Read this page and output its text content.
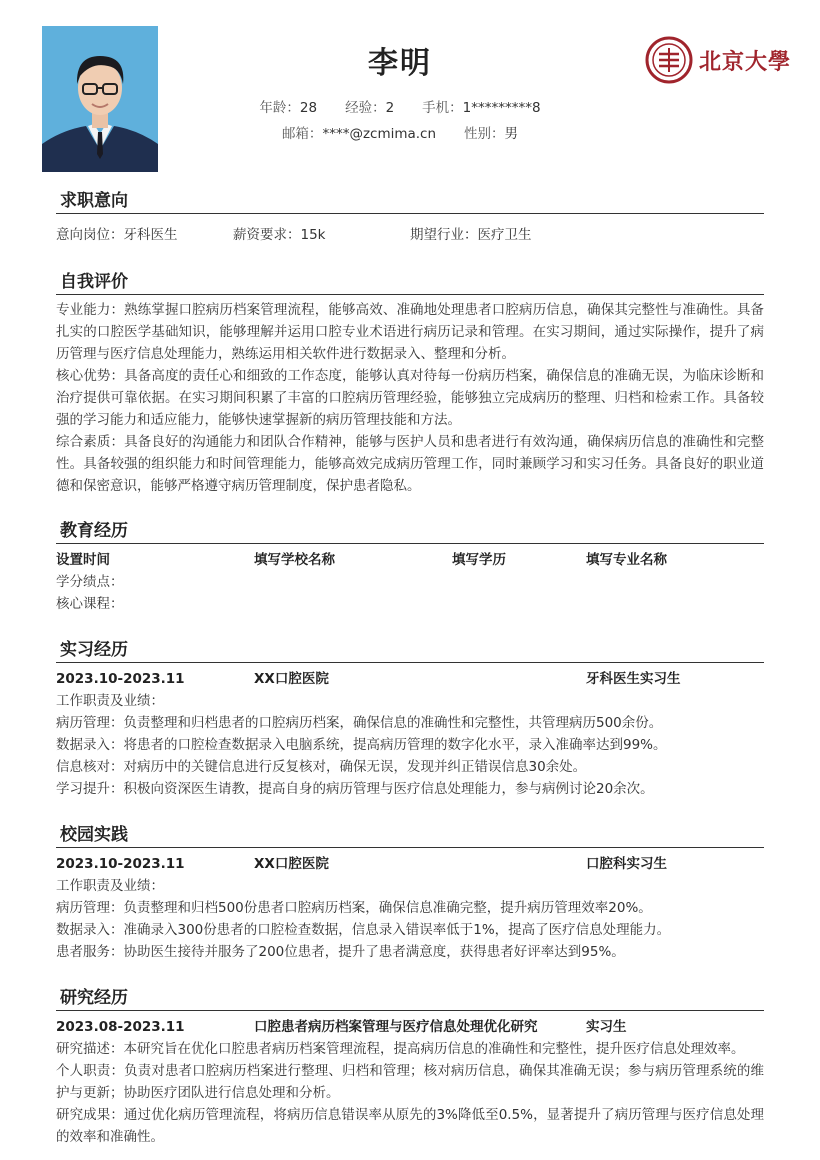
李明
年龄：28 经验：2 手机：1*********8
邮箱：****@zcmima.cn 性别：男
北京大學
求职意向
意向岗位：牙科医生	薪资要求：15k	期望行业：医疗卫生
自我评价

专业能力：熟练掌握口腔病历档案管理流程，能够高效、准确地处理患者口腔病历信息，确保其完整性与准确性。具备扎实的口腔医学基础知识，能够理解并运用口腔专业术语进行病历记录和管理。在实习期间，通过实际操作，提升了病历管理与医疗信息处理能力，熟练运用相关软件进行数据录入、整理和分析。

核心优势：具备高度的责任心和细致的工作态度，能够认真对待每一份病历档案，确保信息的准确无误，为临床诊断和治疗提供可靠依据。在实习期间积累了丰富的口腔病历管理经验，能够独立完成病历的整理、归档和检索工作。具备较强的学习能力和适应能力，能够快速掌握新的病历管理技能和方法。

综合素质：具备良好的沟通能力和团队合作精神，能够与医护人员和患者进行有效沟通，确保病历信息的准确性和完整性。具备较强的组织能力和时间管理能力，能够高效完成病历管理工作，同时兼顾学习和实习任务。具备良好的职业道德和保密意识，能够严格遵守病历管理制度，保护患者隐私。

教育经历
设置时间	填写学校名称	填写学历	填写专业名称
学分绩点：
核心课程：
实习经历
2023.10-2023.11	XX口腔医院	牙科医生实习生
工作职责及业绩：
病历管理：负责整理和归档患者的口腔病历档案，确保信息的准确性和完整性，共管理病历500余份。
数据录入：将患者的口腔检查数据录入电脑系统，提高病历管理的数字化水平，录入准确率达到99%。
信息核对：对病历中的关键信息进行反复核对，确保无误，发现并纠正错误信息30余处。
学习提升：积极向资深医生请教，提高自身的病历管理与医疗信息处理能力，参与病例讨论20余次。
校园实践
2023.10-2023.11	XX口腔医院	口腔科实习生
工作职责及业绩：
病历管理：负责整理和归档500份患者口腔病历档案，确保信息准确完整，提升病历管理效率20%。
数据录入：准确录入300份患者的口腔检查数据，信息录入错误率低于1%，提高了医疗信息处理能力。
患者服务：协助医生接待并服务了200位患者，提升了患者满意度，获得患者好评率达到95%。
研究经历
2023.08-2023.11	口腔患者病历档案管理与医疗信息处理优化研究	实习生

研究描述：本研究旨在优化口腔患者病历档案管理流程，提高病历信息的准确性和完整性，提升医疗信息处理效率。

个人职责：负责对患者口腔病历档案进行整理、归档和管理；核对病历信息，确保其准确无误；参与病历管理系统的维护与更新；协助医疗团队进行信息处理和分析。

研究成果：通过优化病历管理流程，将病历信息错误率从原先的3%降低至0.5%，显著提升了病历管理与医疗信息处理的效率和准确性。
